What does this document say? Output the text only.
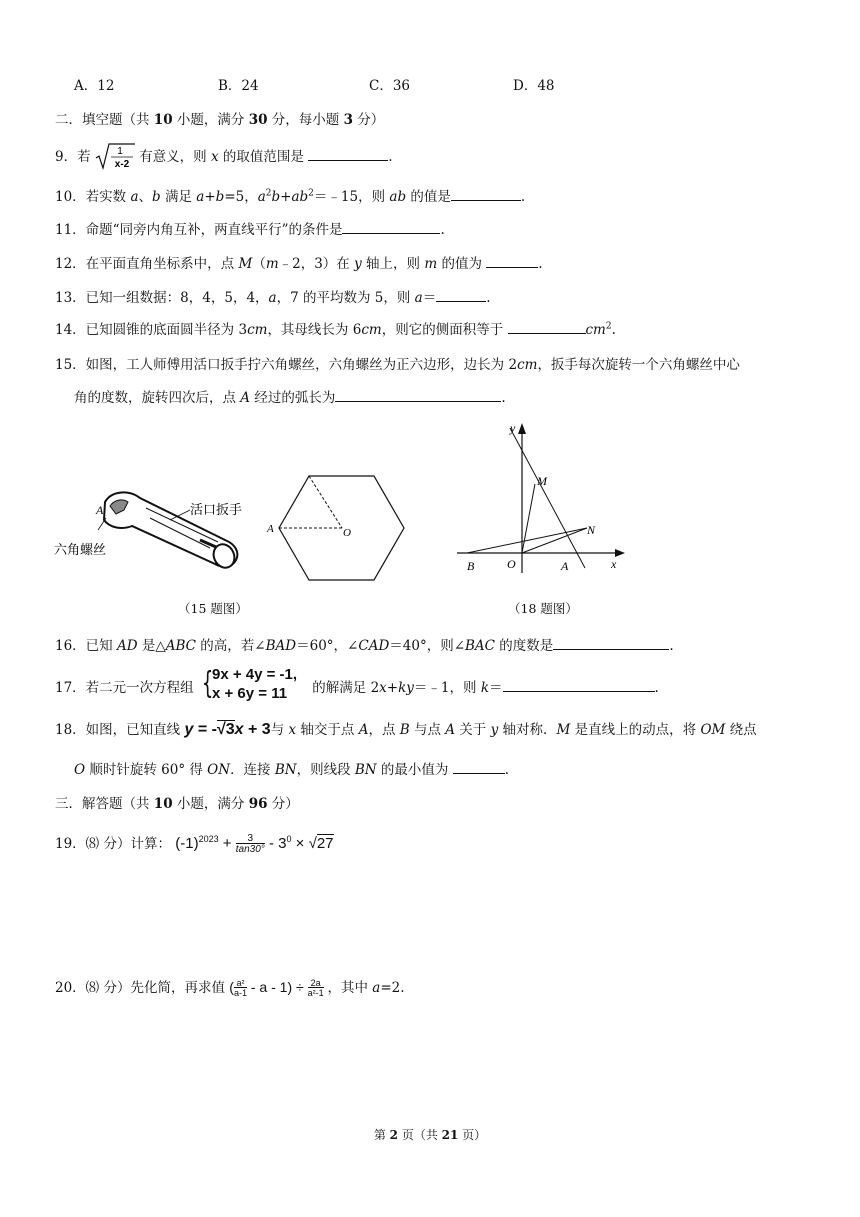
A．12	B．24	C．36	D．48
二．填空题（共 10 小题，满分 30 分，每小题 3 分）
9．若	1
x-2 有意义，则 x 的取值范围是	.
10．若实数 a、b 满足 a+b=5，$a^2b+ab^2=﹣15$，则 ab 的值是	.
11．命题“同旁内角互补，两直线平行”的条件是	.
12．在平面直角坐标系中，点 M（m﹣2，3）在 y 轴上，则 m 的值为	.
13．已知一组数据：8，4，5，4，a，7 的平均数为 5，则 a＝	.
14．已知圆锥的底面圆半径为 3cm，其母线长为 6cm，则它的侧面积等于	$cm^2$.
15．如图，工人师傅用活口扳手拧六角螺丝，六角螺丝为正六边形，边长为 2cm，扳手每次旋转一个六角螺丝中心
角的度数，旋转四次后，点 A 经过的弧长为	.
A	活口扳手
六角螺丝
A	O
y
M
N
B	O	A	x
（15 题图）	（18 题图）
16．已知 AD 是△ABC 的高，若∠BAD＝60°，∠CAD＝40°，则∠BAC 的度数是	.
17．若二元一次方程组 {
9x + 4y = -1,
x + 6y = 11 的解满足 2x+ky＝﹣1，则 k＝	.
18．如图，已知直线 y = -√3x + 3与 x 轴交于点 A，点 B 与点 A 关于 y 轴对称．M 是直线上的动点，将 OM 绕点
O 顺时针旋转 60° 得 ON．连接 BN，则线段 BN 的最小值为	.
三．解答题（共 10 小题，满分 96 分）
19．⑻ 分）计算： $(-1)^{2023} + \frac{3}{\tan 30^\circ} - 3^0 \times √27$
20．⑻ 分）先化简，再求值 $(\frac{\text{a²}}{a-1} - a - 1) \div \frac{2a}{\text{a²-1}}$ ，其中 a=2.
第 2 页（共 21 页）
